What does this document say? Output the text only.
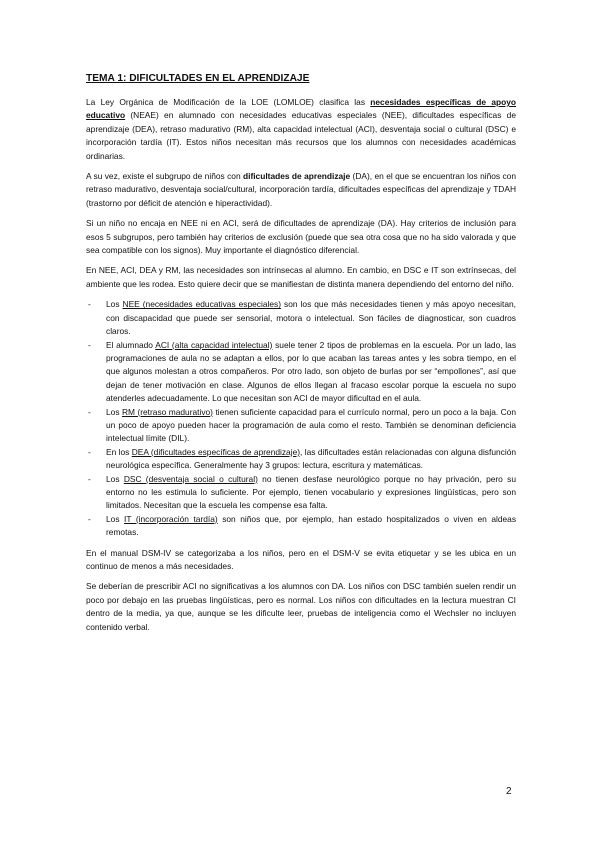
TEMA 1: DIFICULTADES EN EL APRENDIZAJE

La Ley Orgánica de Modificación de la LOE (LOMLOE) clasifica las necesidades específicas de apoyo educativo (NEAE) en alumnado con necesidades educativas especiales (NEE), dificultades específicas de aprendizaje (DEA), retraso madurativo (RM), alta capacidad intelectual (ACI), desventaja social o cultural (DSC) e incorporación tardía (IT). Estos niños necesitan más recursos que los alumnos con necesidades académicas ordinarias.

A su vez, existe el subgrupo de niños con dificultades de aprendizaje (DA), en el que se encuentran los niños con retraso madurativo, desventaja social/cultural, incorporación tardía, dificultades específicas del aprendizaje y TDAH (trastorno por déficit de atención e hiperactividad).

Si un niño no encaja en NEE ni en ACI, será de dificultades de aprendizaje (DA). Hay criterios de inclusión para esos 5 subgrupos, pero también hay criterios de exclusión (puede que sea otra cosa que no ha sido valorada y que sea compatible con los signos). Muy importante el diagnóstico diferencial.

En NEE, ACI, DEA y RM, las necesidades son intrínsecas al alumno. En cambio, en DSC e IT son extrínsecas, del ambiente que les rodea. Esto quiere decir que se manifiestan de distinta manera dependiendo del entorno del niño.

- Los NEE (necesidades educativas especiales) son los que más necesidades tienen y más apoyo necesitan, con discapacidad que puede ser sensorial, motora o intelectual. Son fáciles de diagnosticar, son cuadros claros.
- El alumnado ACI (alta capacidad intelectual) suele tener 2 tipos de problemas en la escuela. Por un lado, las programaciones de aula no se adaptan a ellos, por lo que acaban las tareas antes y les sobra tiempo, en el que algunos molestan a otros compañeros. Por otro lado, son objeto de burlas por ser “empollones”, así que dejan de tener motivación en clase. Algunos de ellos llegan al fracaso escolar porque la escuela no supo atenderles adecuadamente. Lo que necesitan son ACI de mayor dificultad en el aula.
- Los RM (retraso madurativo) tienen suficiente capacidad para el currículo normal, pero un poco a la baja. Con un poco de apoyo pueden hacer la programación de aula como el resto. También se denominan deficiencia intelectual límite (DIL).
- En los DEA (dificultades específicas de aprendizaje), las dificultades están relacionadas con alguna disfunción neurológica específica. Generalmente hay 3 grupos: lectura, escritura y matemáticas.
- Los DSC (desventaja social o cultural) no tienen desfase neurológico porque no hay privación, pero su entorno no les estimula lo suficiente. Por ejemplo, tienen vocabulario y expresiones lingüísticas, pero son limitados. Necesitan que la escuela les compense esa falta.
- Los IT (incorporación tardía) son niños que, por ejemplo, han estado hospitalizados o viven en aldeas remotas.

En el manual DSM-IV se categorizaba a los niños, pero en el DSM-V se evita etiquetar y se les ubica en un continuo de menos a más necesidades.

Se deberían de prescribir ACI no significativas a los alumnos con DA. Los niños con DSC también suelen rendir un poco por debajo en las pruebas lingüísticas, pero es normal. Los niños con dificultades en la lectura muestran CI dentro de la media, ya que, aunque se les dificulte leer, pruebas de inteligencia como el Wechsler no incluyen contenido verbal.

2
